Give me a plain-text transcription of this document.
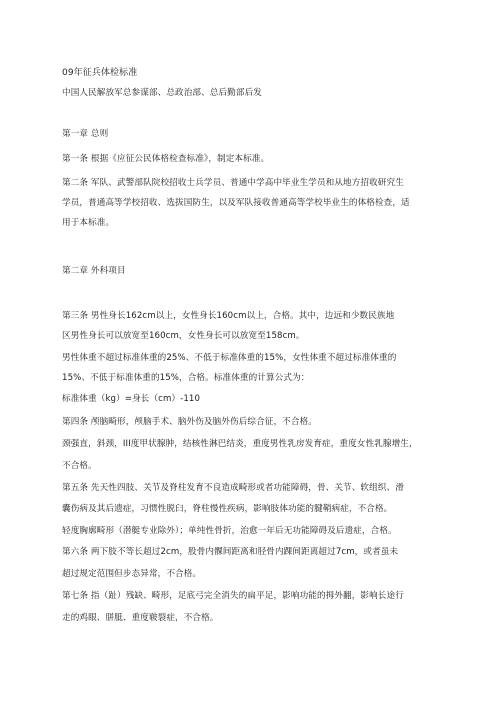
09年征兵体检标准
中国人民解放军总参谋部、总政治部、总后勤部后发
第一章 总则
第一条 根据《应征公民体格检查标准》，制定本标准。
第二条 军队、武警部队院校招收士兵学员、普通中学高中毕业生学员和从地方招收研究生
学员，普通高等学校招收、选拔国防生，以及军队接收普通高等学校毕业生的体格检查，适
用于本标准。
第二章 外科项目
第三条 男性身长162cm以上，女性身长160cm以上，合格。其中，边远和少数民族地
区男性身长可以放宽至160cm，女性身长可以放宽至158cm。
男性体重不超过标准体重的25%、不低于标准体重的15%，女性体重不超过标准体重的
15%、不低于标准体重的15%，合格。标准体重的计算公式为：
标准体重（kg）=身长（cm）-110
第四条 颅脑畸形，颅脑手术、脑外伤及脑外伤后综合征，不合格。
颈强直，斜颈，III度甲状腺肿，结核性淋巴结炎，重度男性乳房发育症，重度女性乳腺增生，
不合格。
第五条 先天性四肢、关节及脊柱发育不良造成畸形或者功能障碍，骨、关节、软组织、滑
囊伤病及其后遗症，习惯性脱臼，脊柱慢性疾病，影响肢体功能的腱鞘病症，不合格。
轻度胸廓畸形（潜艇专业除外）；单纯性骨折，治愈一年后无功能障碍及后遗症，合格。
第六条 两下肢不等长超过2cm，股骨内髁间距离和胫骨内踝间距离超过7cm，或者虽未
超过规定范围但步态异常，不合格。
第七条 指（趾）残缺、畸形，足底弓完全消失的扁平足，影响功能的拇外翻，影响长途行
走的鸡眼、胼胝、重度皲裂症，不合格。
